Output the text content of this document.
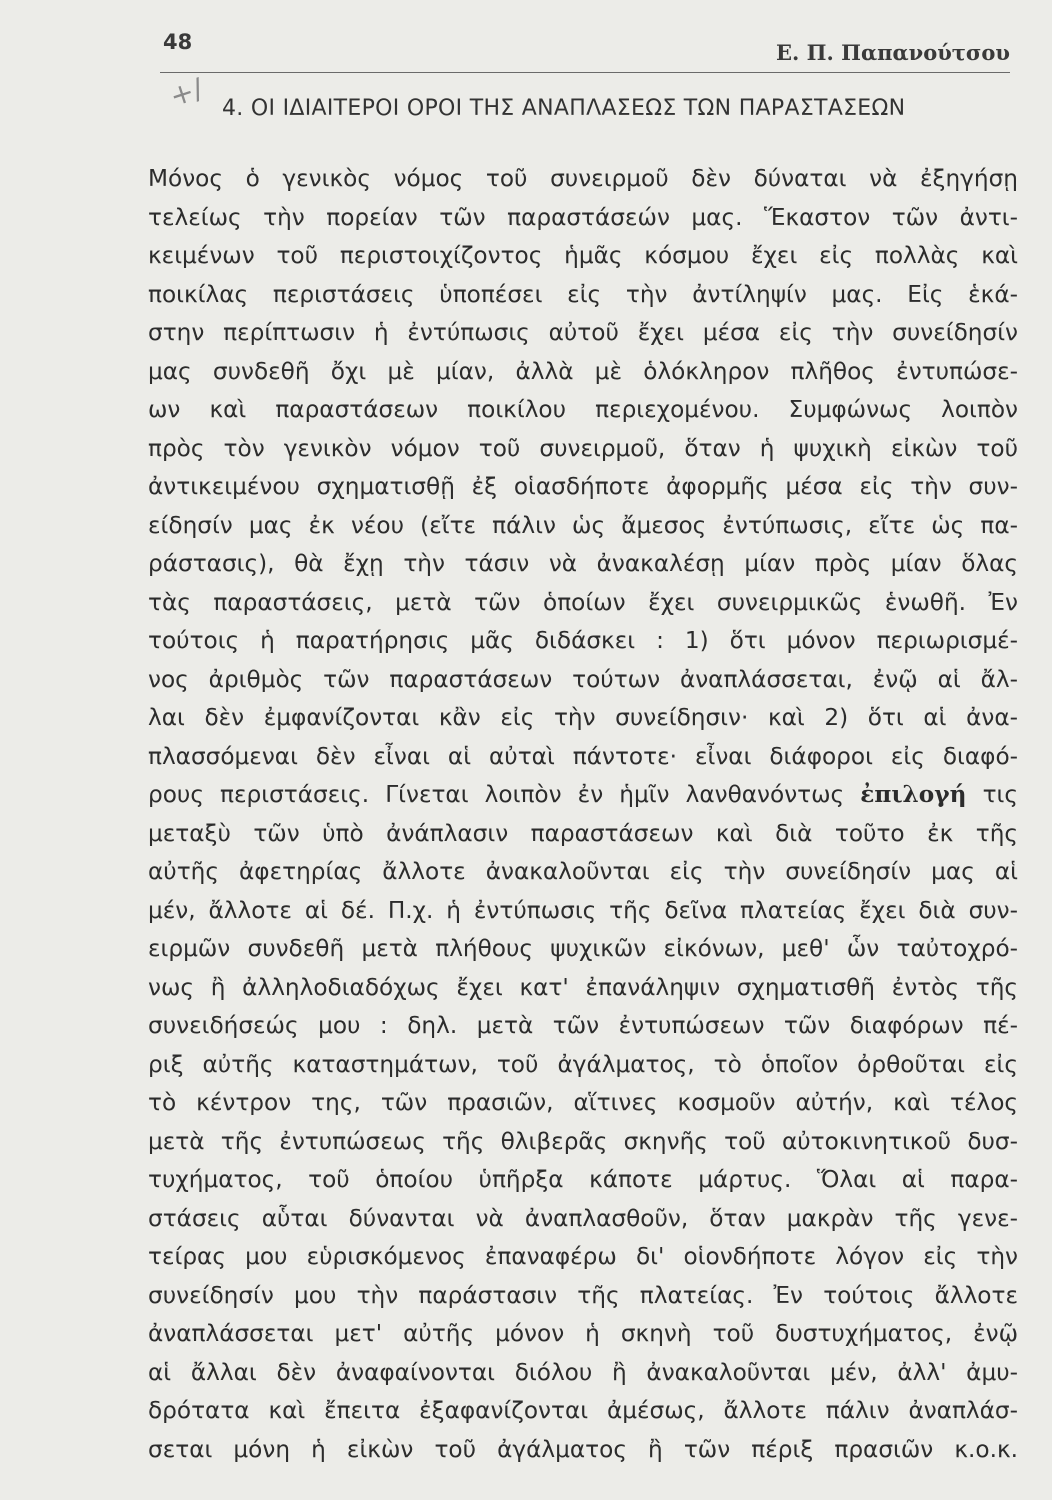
48	Ε. Π. Παπανούτσου
+/ 4. ΟΙ ΙΔΙΑΙΤΕΡΟΙ ΟΡΟΙ ΤΗΣ ΑΝΑΠΛΑΣΕΩΣ ΤΩΝ ΠΑΡΑΣΤΑΣΕΩΝ
Μόνος ὁ γενικὸς νόμος τοῦ συνειρμοῦ δὲν δύναται νὰ ἐξηγήσῃ
τελείως τὴν πορείαν τῶν παραστάσεών μας. Ἕκαστον τῶν ἀντι-
κειμένων τοῦ περιστοιχίζοντος ἡμᾶς κόσμου ἔχει εἰς πολλὰς καὶ
ποικίλας περιστάσεις ὑποπέσει εἰς τὴν ἀντίληψίν μας. Εἰς ἑκά-
στην περίπτωσιν ἡ ἐντύπωσις αὐτοῦ ἔχει μέσα εἰς τὴν συνείδησίν
μας συνδεθῆ ὄχι μὲ μίαν, ἀλλὰ μὲ ὁλόκληρον πλῆθος ἐντυπώσε-
ων καὶ παραστάσεων ποικίλου περιεχομένου. Συμφώνως λοιπὸν
πρὸς τὸν γενικὸν νόμον τοῦ συνειρμοῦ, ὅταν ἡ ψυχικὴ εἰκὼν τοῦ
ἀντικειμένου σχηματισθῇ ἐξ οἱασδήποτε ἀφορμῆς μέσα εἰς τὴν συν-
είδησίν μας ἐκ νέου (εἴτε πάλιν ὡς ἄμεσος ἐντύπωσις, εἴτε ὡς πα-
ράστασις), θὰ ἔχῃ τὴν τάσιν νὰ ἀνακαλέσῃ μίαν πρὸς μίαν ὅλας
τὰς παραστάσεις, μετὰ τῶν ὁποίων ἔχει συνειρμικῶς ἑνωθῆ. Ἐν
τούτοις ἡ παρατήρησις μᾶς διδάσκει : 1) ὅτι μόνον περιωρισμέ-
νος ἀριθμὸς τῶν παραστάσεων τούτων ἀναπλάσσεται, ἐνῷ αἱ ἄλ-
λαι δὲν ἐμφανίζονται κἂν εἰς τὴν συνείδησιν· καὶ 2) ὅτι αἱ ἀνα-
πλασσόμεναι δὲν εἶναι αἱ αὐταὶ πάντοτε· εἶναι διάφοροι εἰς διαφό-
ρους περιστάσεις. Γίνεται λοιπὸν ἐν ἡμῖν λανθανόντως ἐπιλογή τις
μεταξὺ τῶν ὑπὸ ἀνάπλασιν παραστάσεων καὶ διὰ τοῦτο ἐκ τῆς
αὐτῆς ἀφετηρίας ἄλλοτε ἀνακαλοῦνται εἰς τὴν συνείδησίν μας αἱ
μέν, ἄλλοτε αἱ δέ. Π.χ. ἡ ἐντύπωσις τῆς δεῖνα πλατείας ἔχει διὰ συν-
ειρμῶν συνδεθῆ μετὰ πλήθους ψυχικῶν εἰκόνων, μεθ' ὧν ταὐτοχρό-
νως ἢ ἀλληλοδιαδόχως ἔχει κατ' ἐπανάληψιν σχηματισθῆ ἐντὸς τῆς
συνειδήσεώς μου : δηλ. μετὰ τῶν ἐντυπώσεων τῶν διαφόρων πέ-
ριξ αὐτῆς καταστημάτων, τοῦ ἀγάλματος, τὸ ὁποῖον ὀρθοῦται εἰς
τὸ κέντρον της, τῶν πρασιῶν, αἵτινες κοσμοῦν αὐτήν, καὶ τέλος
μετὰ τῆς ἐντυπώσεως τῆς θλιβερᾶς σκηνῆς τοῦ αὐτοκινητικοῦ δυσ-
τυχήματος, τοῦ ὁποίου ὑπῆρξα κάποτε μάρτυς. Ὅλαι αἱ παρα-
στάσεις αὗται δύνανται νὰ ἀναπλασθοῦν, ὅταν μακρὰν τῆς γενε-
τείρας μου εὑρισκόμενος ἐπαναφέρω δι' οἱονδήποτε λόγον εἰς τὴν
συνείδησίν μου τὴν παράστασιν τῆς πλατείας. Ἐν τούτοις ἄλλοτε
ἀναπλάσσεται μετ' αὐτῆς μόνον ἡ σκηνὴ τοῦ δυστυχήματος, ἐνῷ
αἱ ἄλλαι δὲν ἀναφαίνονται διόλου ἢ ἀνακαλοῦνται μέν, ἀλλ' ἀμυ-
δρότατα καὶ ἔπειτα ἐξαφανίζονται ἀμέσως, ἄλλοτε πάλιν ἀναπλάσ-
σεται μόνη ἡ εἰκὼν τοῦ ἀγάλματος ἢ τῶν πέριξ πρασιῶν κ.ο.κ.
